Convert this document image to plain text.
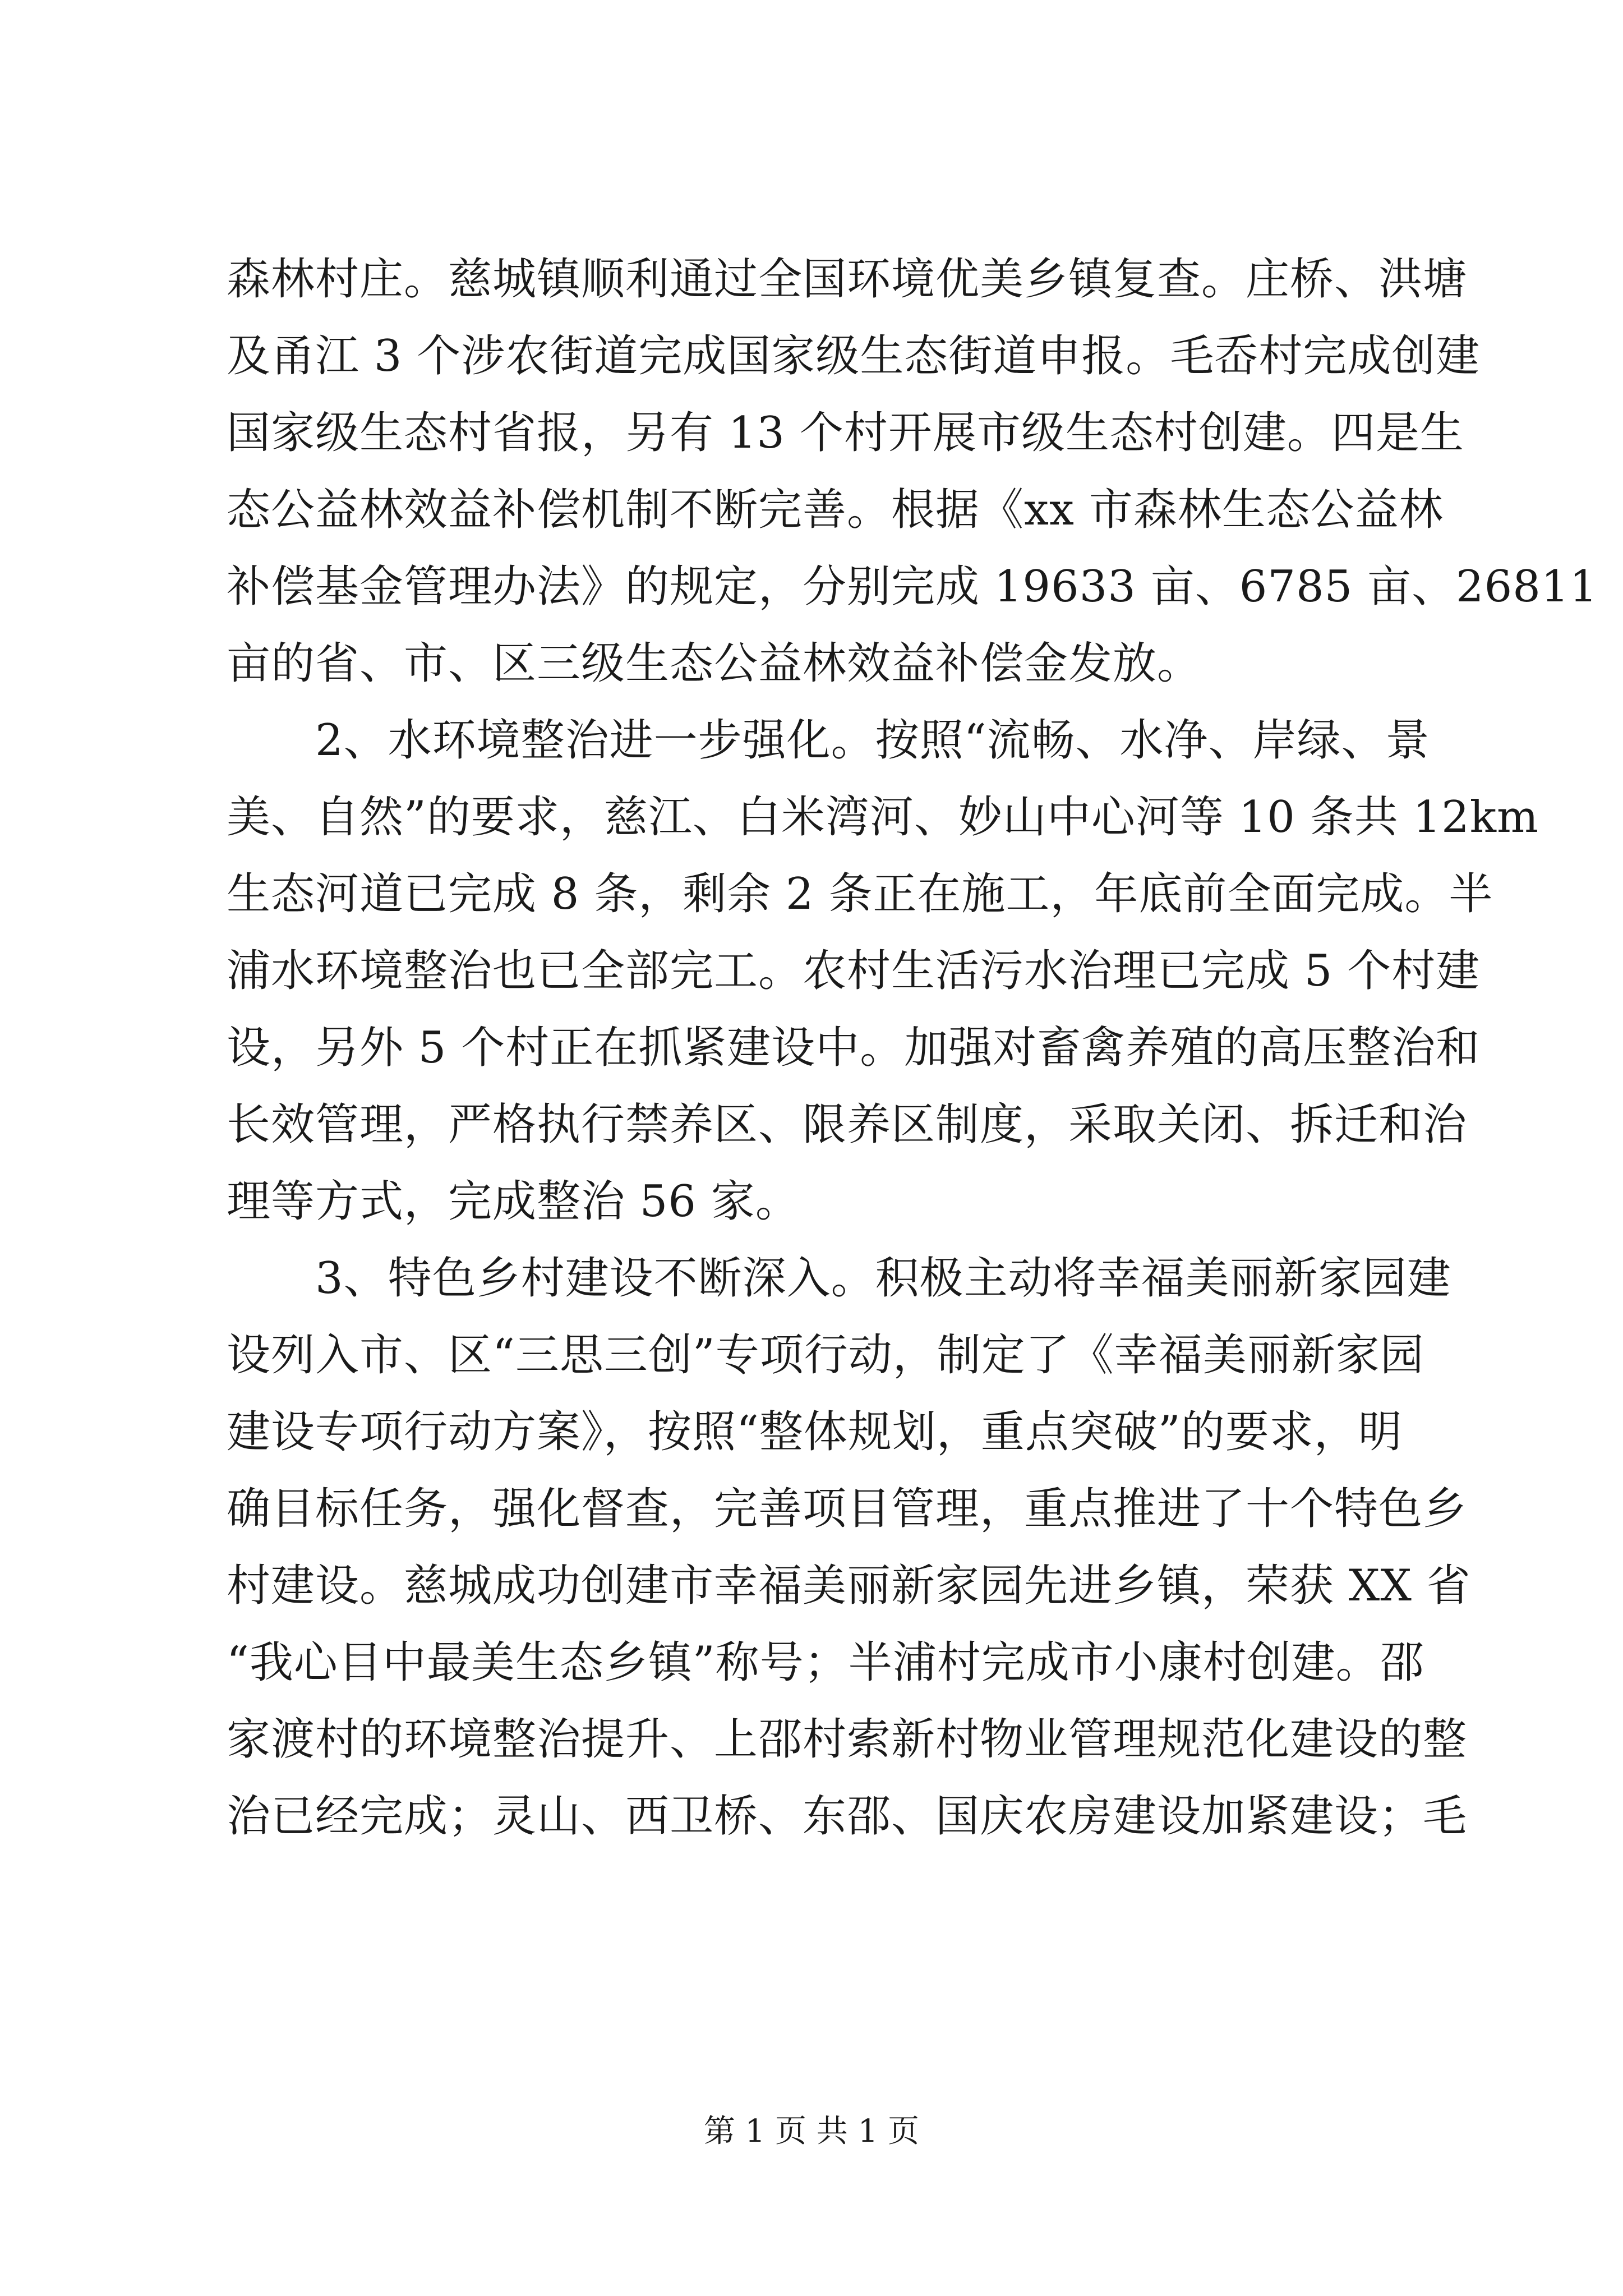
森林村庄。慈城镇顺利通过全国环境优美乡镇复查。庄桥、洪塘
及甬江 3 个涉农街道完成国家级生态街道申报。毛岙村完成创建
国家级生态村省报，另有 13 个村开展市级生态村创建。四是生
态公益林效益补偿机制不断完善。根据《xx 市森林生态公益林
补偿基金管理办法》的规定，分别完成 19633 亩、6785 亩、26811
亩的省、市、区三级生态公益林效益补偿金发放。
　　2、水环境整治进一步强化。按照“流畅、水净、岸绿、景
美、自然”的要求，慈江、白米湾河、妙山中心河等 10 条共 12km
生态河道已完成 8 条，剩余 2 条正在施工，年底前全面完成。半
浦水环境整治也已全部完工。农村生活污水治理已完成 5 个村建
设，另外 5 个村正在抓紧建设中。加强对畜禽养殖的高压整治和
长效管理，严格执行禁养区、限养区制度，采取关闭、拆迁和治
理等方式，完成整治 56 家。
　　3、特色乡村建设不断深入。积极主动将幸福美丽新家园建
设列入市、区“三思三创”专项行动，制定了《幸福美丽新家园
建设专项行动方案》，按照“整体规划，重点突破”的要求，明
确目标任务，强化督查，完善项目管理，重点推进了十个特色乡
村建设。慈城成功创建市幸福美丽新家园先进乡镇，荣获 XX 省
“我心目中最美生态乡镇”称号；半浦村完成市小康村创建。邵
家渡村的环境整治提升、上邵村索新村物业管理规范化建设的整
治已经完成；灵山、西卫桥、东邵、国庆农房建设加紧建设；毛
第 1 页 共 1 页
